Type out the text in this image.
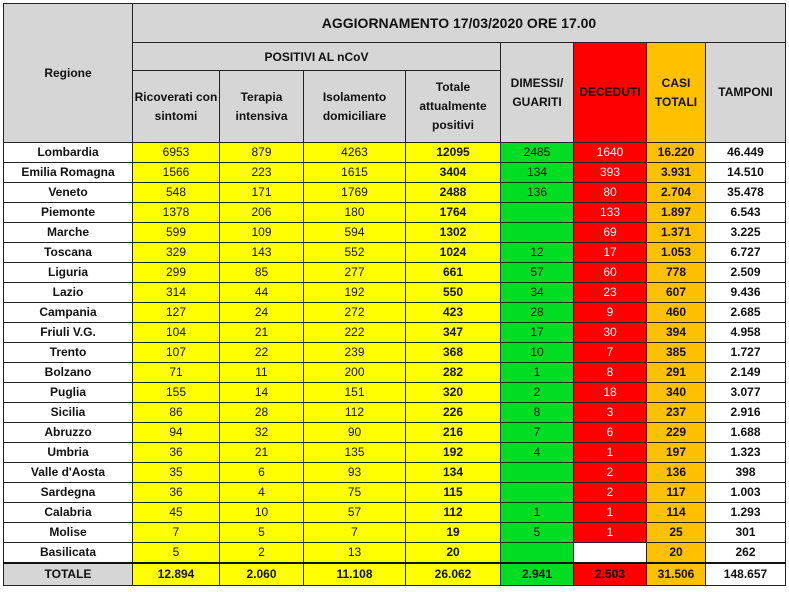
Regione	AGGIORNAMENTO 17/03/2020 ORE 17.00							
	POSITIVI AL nCoV				DIMESSI/ GUARITI	DECEDUTI	CASI TOTALI	TAMPONI
	Ricoverati con sintomi	Terapia intensiva	Isolamento domiciliare	Totale attualmente positivi				
Lombardia	6953	879	4263	12095	2485	1640	16.220	46.449
Emilia Romagna	1566	223	1615	3404	134	393	3.931	14.510
Veneto	548	171	1769	2488	136	80	2.704	35.478
Piemonte	1378	206	180	1764		133	1.897	6.543
Marche	599	109	594	1302		69	1.371	3.225
Toscana	329	143	552	1024	12	17	1.053	6.727
Liguria	299	85	277	661	57	60	778	2.509
Lazio	314	44	192	550	34	23	607	9.436
Campania	127	24	272	423	28	9	460	2.685
Friuli V.G.	104	21	222	347	17	30	394	4.958
Trento	107	22	239	368	10	7	385	1.727
Bolzano	71	11	200	282	1	8	291	2.149
Puglia	155	14	151	320	2	18	340	3.077
Sicilia	86	28	112	226	8	3	237	2.916
Abruzzo	94	32	90	216	7	6	229	1.688
Umbria	36	21	135	192	4	1	197	1.323
Valle d'Aosta	35	6	93	134		2	136	398
Sardegna	36	4	75	115		2	117	1.003
Calabria	45	10	57	112	1	1	114	1.293
Molise	7	5	7	19	5	1	25	301
Basilicata	5	2	13	20			20	262
TOTALE	12.894	2.060	11.108	26.062	2.941	2.503	31.506	148.657
